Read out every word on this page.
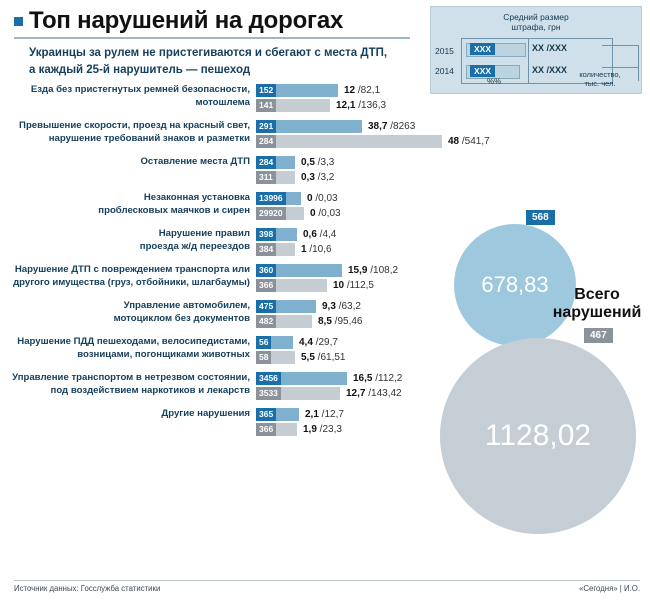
Топ нарушений на дорогах
Украинцы за рулем не пристегиваются и сбегают с места ДТП,
а каждый 25-й нарушитель — пешеход
Средний размер
штрафа, грн
2015
2014
XXX
XXX
XX /XXX
XX /XXX
%%
количество,
тыс. чел.
Езда без пристегнутых ремней безопасности,
мотошлема
152	12 /82,1
141	12,1 /136,3
Превышение скорости, проезд на красный свет,
нарушение требований знаков и разметки
291	38,7 /8263
284	48 /541,7
Оставление места ДТП	284	0,5 /3,3
311	0,3 /3,2
Незаконная установка
проблесковых маячков и сирен
13996	0 /0,03
29920	0 /0,03
Нарушение правил
проезда ж/д переездов
398	0,6 /4,4
384	1 /10,6
Нарушение ДТП с повреждением транспорта или
другого имущества (груз, отбойники, шлагбаумы)
360	15,9 /108,2
366	10 /112,5
Управление автомобилем,
мотоциклом без документов
475	9,3 /63,2
482	8,5 /95,46
Нарушение ПДД пешеходами, велосипедистами,
возницами, погонщиками животных
56	4,4 /29,7
58	5,5 /61,51
Управление транспортом в нетрезвом состоянии,
под воздействием наркотиков и лекарств
3456	16,5 /112,2
3533	12,7 /143,42
Другие нарушения	365	2,1 /12,7
366	1,9 /23,3
678,83
568
1128,02
467
Всего
нарушений
Источник данных: Госслужба статистики	«Сегодня» | И.О.
